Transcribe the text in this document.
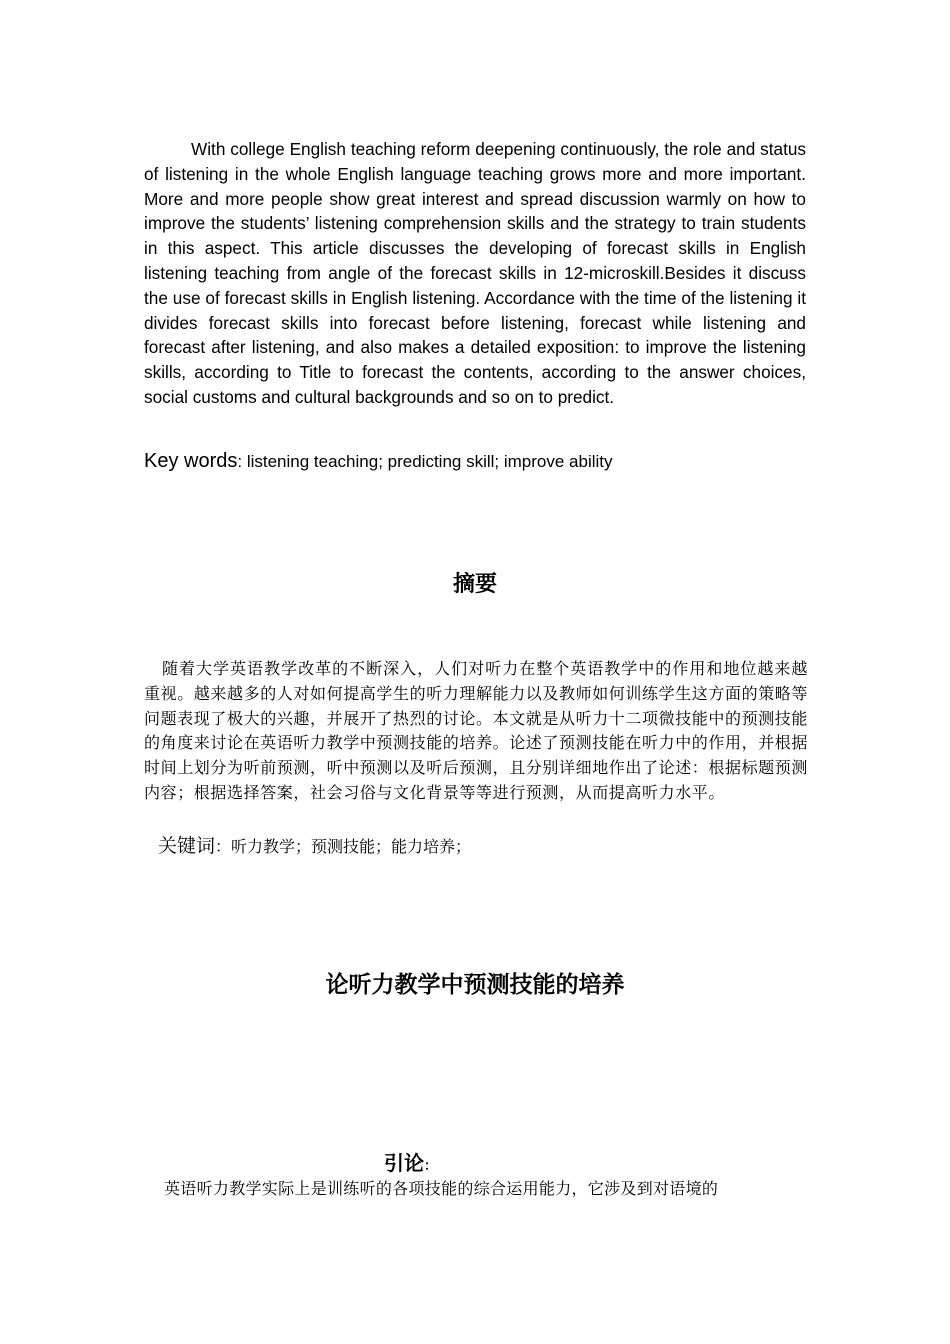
With college English teaching reform deepening continuously, the role and status of listening in the whole English language teaching grows more and more important. More and more people show great interest and spread discussion warmly on how to improve the students’ listening comprehension skills and the strategy to train students in this aspect. This article discusses the developing of forecast skills in English listening teaching from angle of the forecast skills in 12-microskill.Besides it discuss the use of forecast skills in English listening. Accordance with the time of the listening it divides forecast skills into forecast before listening, forecast while listening and forecast after listening, and also makes a detailed exposition: to improve the listening skills, according to Title to forecast the contents, according to the answer choices, social customs and cultural backgrounds and so on to predict.

Key words: listening teaching; predicting skill; improve ability

摘要

随着大学英语教学改革的不断深入，人们对听力在整个英语教学中的作用和地位越来越重视。越来越多的人对如何提高学生的听力理解能力以及教师如何训练学生这方面的策略等问题表现了极大的兴趣，并展开了热烈的讨论。本文就是从听力十二项微技能中的预测技能的角度来讨论在英语听力教学中预测技能的培养。论述了预测技能在听力中的作用，并根据时间上划分为听前预测，听中预测以及听后预测，且分别详细地作出了论述：根据标题预测内容；根据选择答案，社会习俗与文化背景等等进行预测，从而提高听力水平。

关键词：听力教学；预测技能；能力培养；

论听力教学中预测技能的培养
引论：

英语听力教学实际上是训练听的各项技能的综合运用能力，它涉及到对语境的
